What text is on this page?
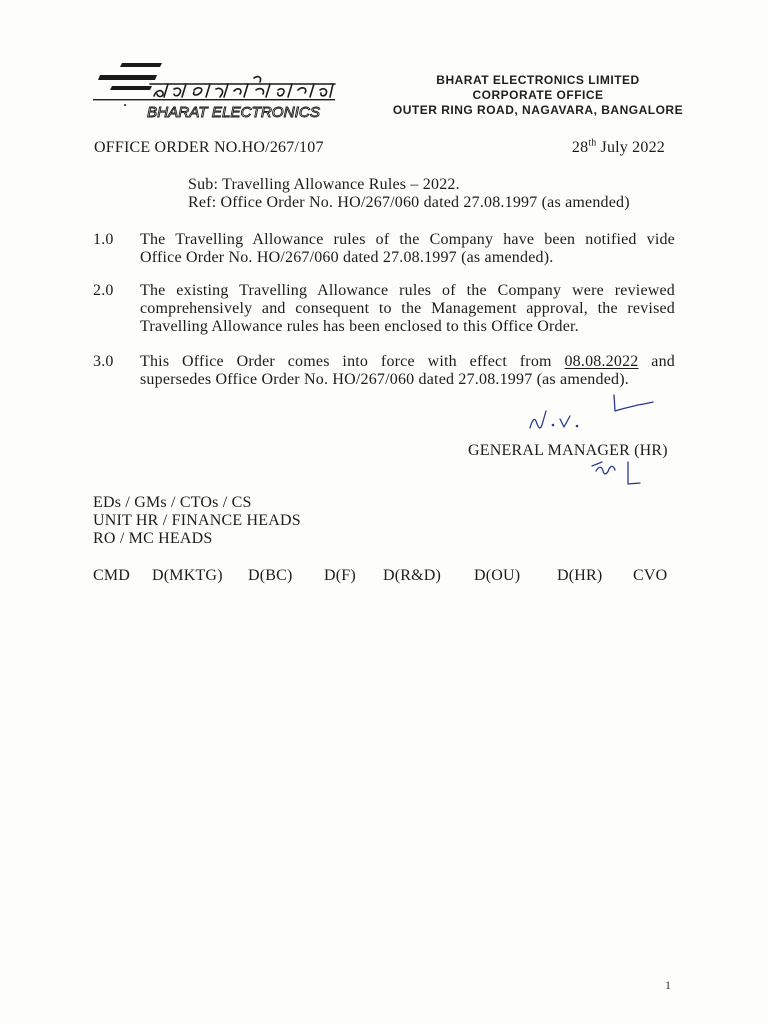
BHARAT ELECTRONICS
BHARAT ELECTRONICS LIMITED
CORPORATE OFFICE
OUTER RING ROAD, NAGAVARA, BANGALORE
OFFICE ORDER NO.HO/267/107	28th July 2022
Sub: Travelling Allowance Rules – 2022.
Ref: Office Order No. HO/267/060 dated 27.08.1997 (as amended)
1.0 The Travelling Allowance rules of the Company have been notified vide
Office Order No. HO/267/060 dated 27.08.1997 (as amended).
2.0 The existing Travelling Allowance rules of the Company were reviewed
comprehensively and consequent to the Management approval, the revised
Travelling Allowance rules has been enclosed to this Office Order.
3.0 This Office Order comes into force with effect from 08.08.2022 and
supersedes Office Order No. HO/267/060 dated 27.08.1997 (as amended).
GENERAL MANAGER (HR)
EDs / GMs / CTOs / CS
UNIT HR / FINANCE HEADS
RO / MC HEADS
CMD D(MKTG) D(BC) D(F) D(R&D) D(OU) D(HR) CVO
1
